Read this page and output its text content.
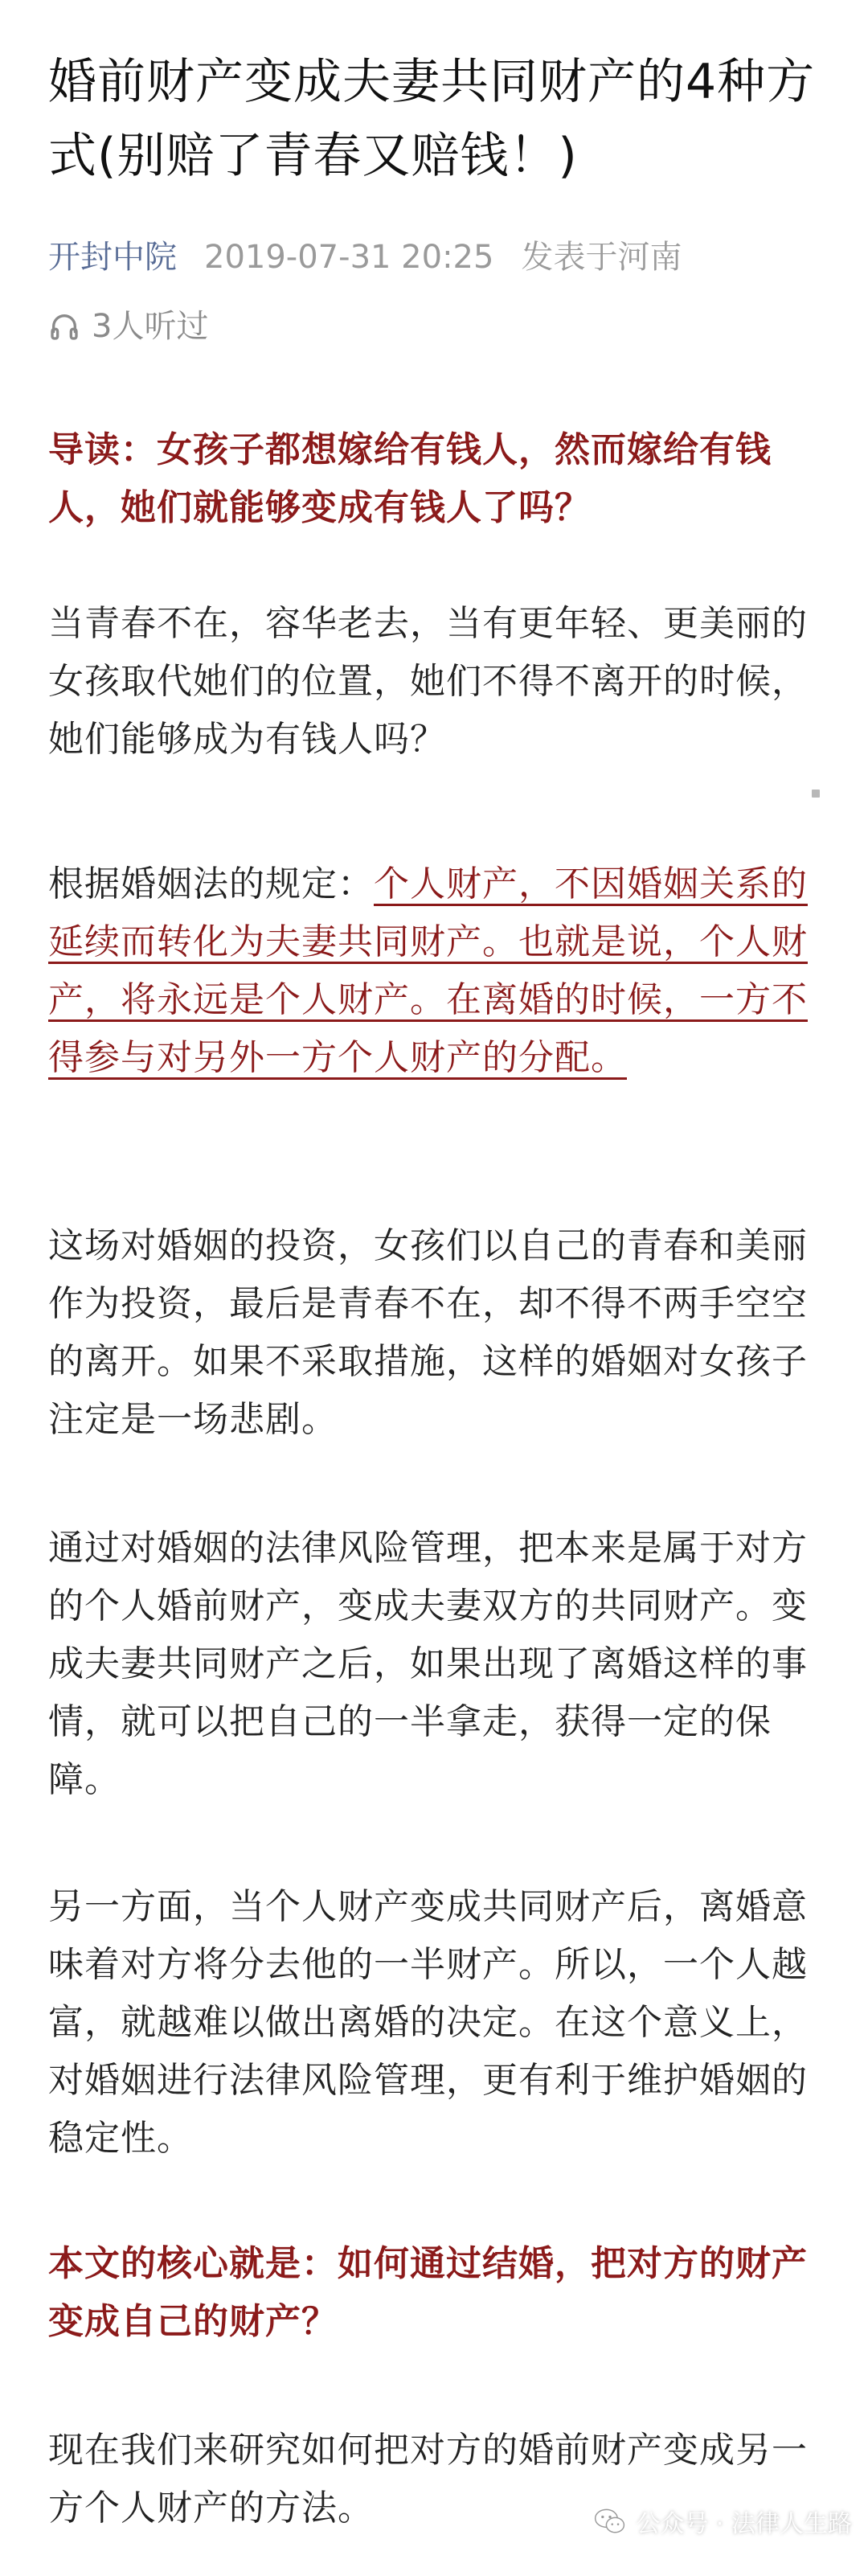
婚前财产变成夫妻共同财产的4种方式(别赔了青春又赔钱！)
开封中院 2019-07-31 20:25 发表于河南
3人听过

导读：女孩子都想嫁给有钱人，然而嫁给有钱人，她们就能够变成有钱人了吗？

当青春不在，容华老去，当有更年轻、更美丽的女孩取代她们的位置，她们不得不离开的时候，她们能够成为有钱人吗？

根据婚姻法的规定：个人财产，不因婚姻关系的延续而转化为夫妻共同财产。也就是说，个人财产，将永远是个人财产。在离婚的时候，一方不得参与对另外一方个人财产的分配。

这场对婚姻的投资，女孩们以自己的青春和美丽作为投资，最后是青春不在，却不得不两手空空的离开。如果不采取措施，这样的婚姻对女孩子注定是一场悲剧。

通过对婚姻的法律风险管理，把本来是属于对方的个人婚前财产，变成夫妻双方的共同财产。变成夫妻共同财产之后，如果出现了离婚这样的事情，就可以把自己的一半拿走，获得一定的保障。

另一方面，当个人财产变成共同财产后，离婚意味着对方将分去他的一半财产。所以，一个人越富，就越难以做出离婚的决定。在这个意义上，对婚姻进行法律风险管理，更有利于维护婚姻的稳定性。

本文的核心就是：如何通过结婚，把对方的财产变成自己的财产？

现在我们来研究如何把对方的婚前财产变成另一方个人财产的方法。	公众号 · 法律人生路
